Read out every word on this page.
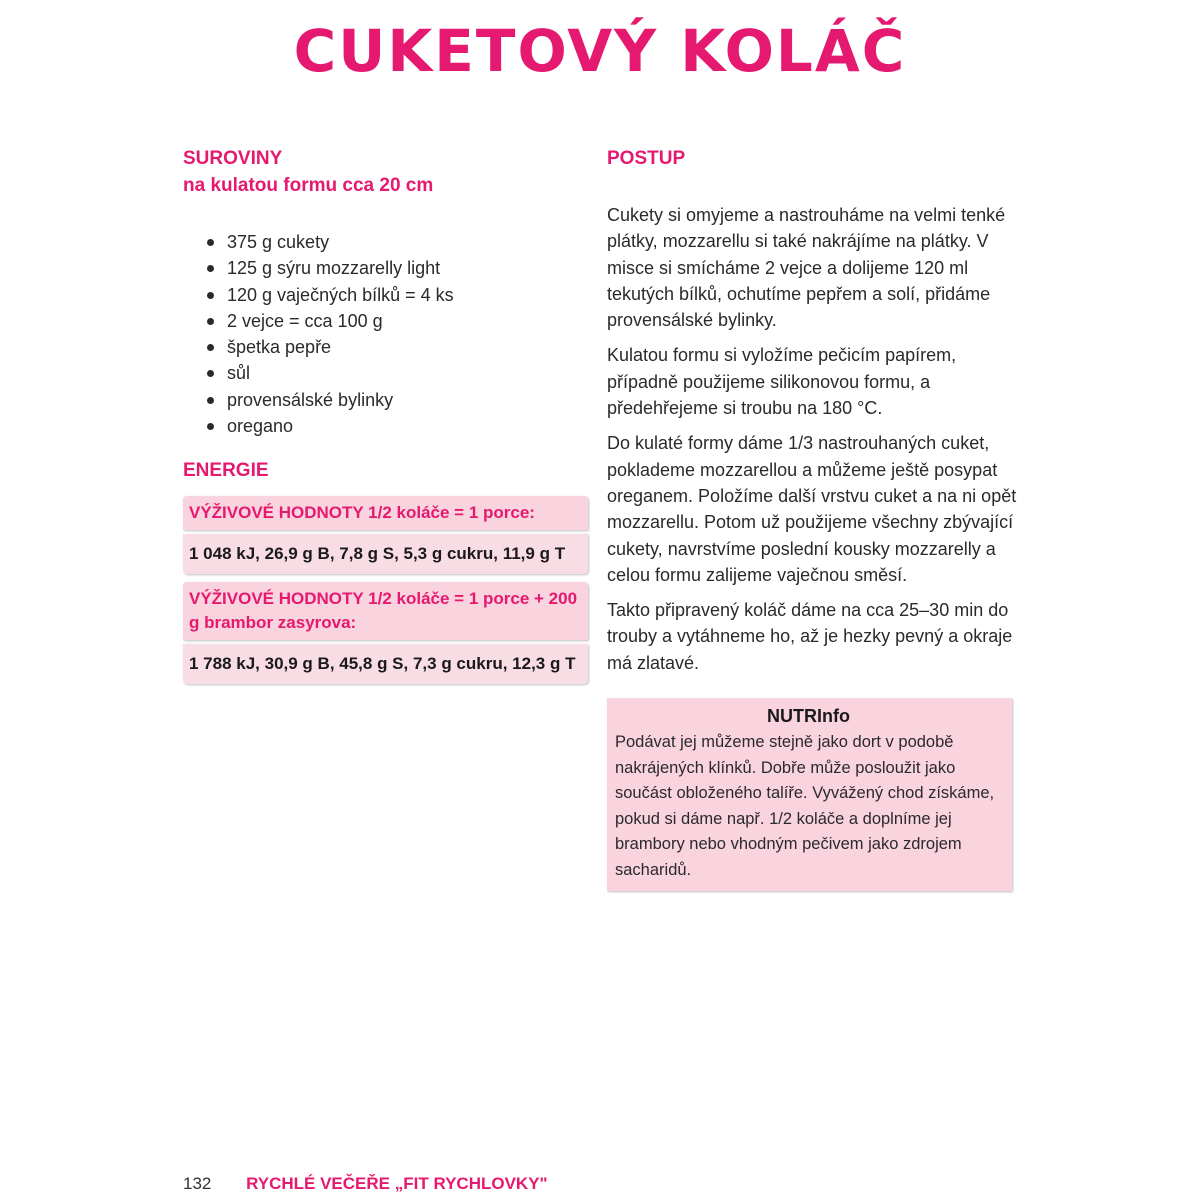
CUKETOVÝ KOLÁČ
SUROVINY
na kulatou formu cca 20 cm
375 g cukety
125 g sýru mozzarelly light
120 g vaječných bílků = 4 ks
2 vejce = cca 100 g
špetka pepře
sůl
provensálské bylinky
oregano
ENERGIE
VÝŽIVOVÉ HODNOTY 1/2 koláče = 1 porce:
1 048 kJ, 26,9 g B, 7,8 g S, 5,3 g cukru, 11,9 g T
VÝŽIVOVÉ HODNOTY 1/2 koláče = 1 porce + 200 g brambor zasyrova:
1 788 kJ, 30,9 g B, 45,8 g S, 7,3 g cukru, 12,3 g T
POSTUP

Cukety si omyjeme a nastrouháme na velmi tenké plátky, mozzarellu si také nakrájíme na plátky. V misce si smícháme 2 vejce a dolijeme 120 ml tekutých bílků, ochutíme pepřem a solí, přidáme provensálské bylinky.

Kulatou formu si vyložíme pečicím papírem, případně použijeme silikonovou formu, a předehřejeme si troubu na 180 °C.

Do kulaté formy dáme 1/3 nastrouhaných cuket, poklademe mozzarellou a můžeme ještě posypat oreganem. Položíme další vrstvu cuket a na ni opět mozzarellu. Potom už použijeme všechny zbývající cukety, navrstvíme poslední kousky mozzarelly a celou formu zalijeme vaječnou směsí.

Takto připravený koláč dáme na cca 25–30 min do trouby a vytáhneme ho, až je hezky pevný a okraje má zlatavé.

NUTRInfo
Podávat jej můžeme stejně jako dort v podobě nakrájených klínků. Dobře může posloužit jako součást obloženého talíře. Vyvážený chod získáme, pokud si dáme např. 1/2 koláče a doplníme jej brambory nebo vhodným pečivem jako zdrojem sacharidů.
132 RYCHLÉ VEČEŘE „FIT RYCHLOVKY"
